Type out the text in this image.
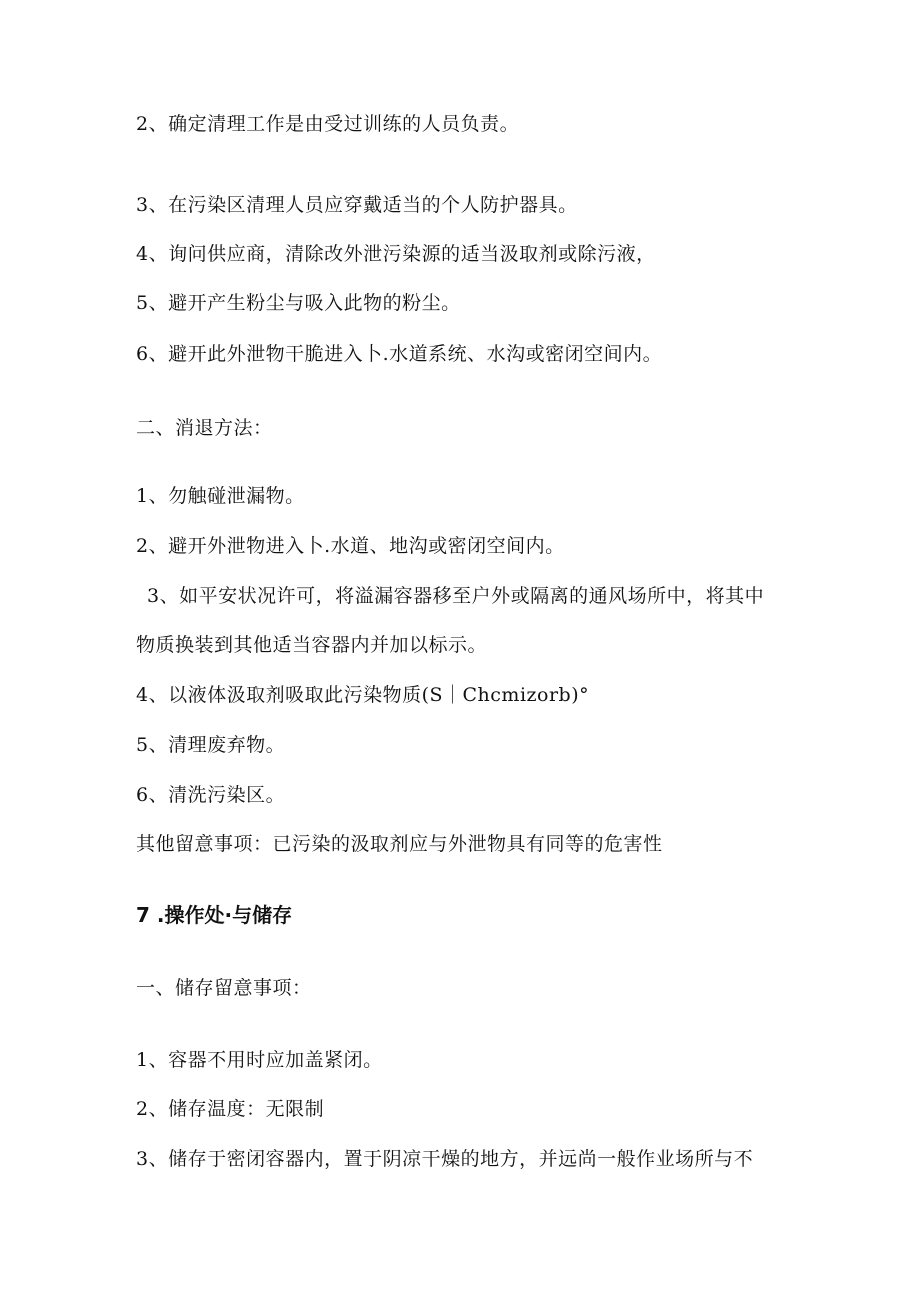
2、确定清理工作是由受过训练的人员负责。
3、在污染区清理人员应穿戴适当的个人防护器具。
4、询问供应商，清除改外泄污染源的适当汲取剂或除污液，
5、避开产生粉尘与吸入此物的粉尘。
6、避开此外泄物干脆进入卜.水道系统、水沟或密闭空间内。
二、消退方法：
1、勿触碰泄漏物。
2、避开外泄物进入卜.水道、地沟或密闭空间内。
3、如平安状况许可，将溢漏容器移至户外或隔离的通风场所中，将其中
物质换装到其他适当容器内并加以标示。
4、以液体汲取剂吸取此污染物质(S｜Chcmizorb)°
5、清理废弃物。
6、清洗污染区。
其他留意事项：已污染的汲取剂应与外泄物具有同等的危害性
7 .操作处·与储存
一、储存留意事项：
1、容器不用时应加盖紧闭。
2、储存温度：无限制
3、储存于密闭容器内，置于阴凉干燥的地方，并远尚一般作业场所与不
